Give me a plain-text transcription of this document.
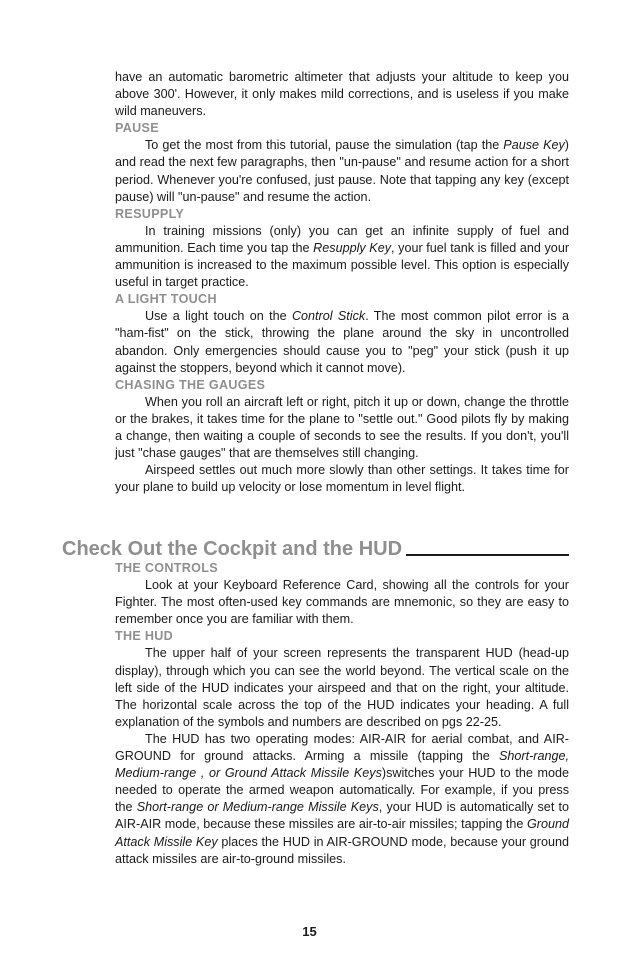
have an automatic barometric altimeter that adjusts your altitude to keep you above 300'. However, it only makes mild corrections, and is useless if you make wild maneuvers.

PAUSE

To get the most from this tutorial, pause the simulation (tap the Pause Key) and read the next few paragraphs, then "un-pause" and resume action for a short period. Whenever you're confused, just pause. Note that tapping any key (except pause) will "un-pause" and resume the action.

RESUPPLY

In training missions (only) you can get an infinite supply of fuel and ammunition. Each time you tap the Resupply Key, your fuel tank is filled and your ammunition is increased to the maximum possible level. This option is especially useful in target practice.

A LIGHT TOUCH

Use a light touch on the Control Stick. The most common pilot error is a "ham-fist" on the stick, throwing the plane around the sky in uncontrolled abandon. Only emergencies should cause you to "peg" your stick (push it up against the stoppers, beyond which it cannot move).

CHASING THE GAUGES

When you roll an aircraft left or right, pitch it up or down, change the throttle or the brakes, it takes time for the plane to "settle out." Good pilots fly by making a change, then waiting a couple of seconds to see the results. If you don't, you'll just "chase gauges" that are themselves still changing.

Airspeed settles out much more slowly than other settings. It takes time for your plane to build up velocity or lose momentum in level flight.

Check Out the Cockpit and the HUD
THE CONTROLS

Look at your Keyboard Reference Card, showing all the controls for your Fighter. The most often-used key commands are mnemonic, so they are easy to remember once you are familiar with them.

THE HUD

The upper half of your screen represents the transparent HUD (head-up display), through which you can see the world beyond. The vertical scale on the left side of the HUD indicates your airspeed and that on the right, your altitude. The horizontal scale across the top of the HUD indicates your heading. A full explanation of the symbols and numbers are described on pgs 22-25.

The HUD has two operating modes: AIR-AIR for aerial combat, and AIR-GROUND for ground attacks. Arming a missile (tapping the Short-range, Medium-range , or Ground Attack Missile Keys)switches your HUD to the mode needed to operate the armed weapon automatically. For example, if you press the Short-range or Medium-range Missile Keys, your HUD is automatically set to AIR-AIR mode, because these missiles are air-to-air missiles; tapping the Ground Attack Missile Key places the HUD in AIR-GROUND mode, because your ground attack missiles are air-to-ground missiles.

15
